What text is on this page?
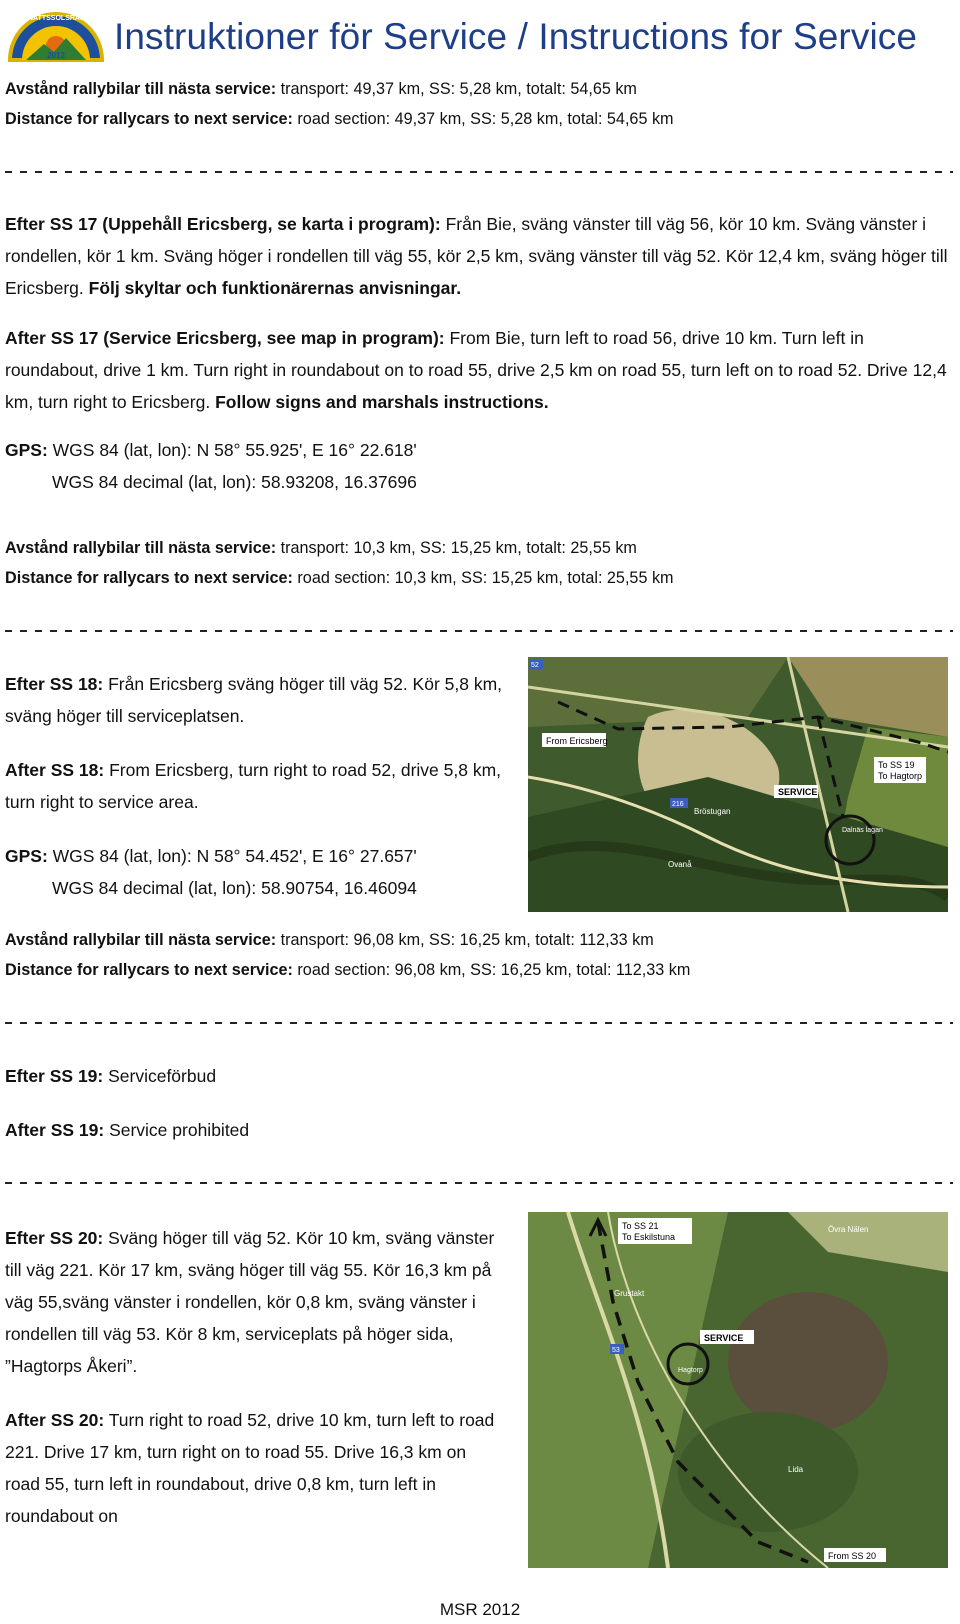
MIDNATTSSOLSRALLYT
2012 Instruktioner för Service / Instructions for Service
Avstånd rallybilar till nästa service: transport: 49,37 km, SS: 5,28 km, totalt: 54,65 km
Distance for rallycars to next service: road section: 49,37 km, SS: 5,28 km, total: 54,65 km
Efter SS 17 (Uppehåll Ericsberg, se karta i program): Från Bie, sväng vänster till väg 56, kör 10 km. Sväng vänster i rondellen, kör 1 km. Sväng höger i rondellen till väg 55, kör 2,5 km, sväng vänster till väg 52. Kör 12,4 km, sväng höger till Ericsberg. Följ skyltar och funktionärernas anvisningar.
After SS 17 (Service Ericsberg, see map in program): From Bie, turn left to road 56, drive 10 km. Turn left in roundabout, drive 1 km. Turn right in roundabout on to road 55, drive 2,5 km on road 55, turn left on to road 52. Drive 12,4 km, turn right to Ericsberg. Follow signs and marshals instructions.
GPS: WGS 84 (lat, lon): N 58° 55.925', E 16° 22.618'
WGS 84 decimal (lat, lon): 58.93208, 16.37696
Avstånd rallybilar till nästa service: transport: 10,3 km, SS: 15,25 km, totalt: 25,55 km
Distance for rallycars to next service: road section: 10,3 km, SS: 15,25 km, total: 25,55 km
Efter SS 18: Från Ericsberg sväng höger till väg 52. Kör 5,8 km, sväng höger till serviceplatsen.
After SS 18: From Ericsberg, turn right to road 52, drive 5,8 km, turn right to service area.
GPS: WGS 84 (lat, lon): N 58° 54.452', E 16° 27.657'
WGS 84 decimal (lat, lon): 58.90754, 16.46094
From Ericsberg
To SS 19
To Hagtorp
SERVICE
52
216
Bröstugan
Ovanå
Dalnäs lagan
Avstånd rallybilar till nästa service: transport: 96,08 km, SS: 16,25 km, totalt: 112,33 km
Distance for rallycars to next service: road section: 96,08 km, SS: 16,25 km, total: 112,33 km
Efter SS 19: Serviceförbud
After SS 19: Service prohibited
Efter SS 20: Sväng höger till väg 52. Kör 10 km, sväng vänster till väg 221. Kör 17 km, sväng höger till väg 55. Kör 16,3 km på väg 55,sväng vänster i rondellen, kör 0,8 km, sväng vänster i rondellen till väg 53. Kör 8 km, serviceplats på höger sida, ”Hagtorps Åkeri”.
After SS 20: Turn right to road 52, drive 10 km, turn left to road 221. Drive 17 km, turn right on to road 55. Drive 16,3 km on road 55, turn left in roundabout, drive 0,8 km, turn left in roundabout on
To SS 21
To Eskilstuna
SERVICE
From SS 20
53
Övra Nälen
Grustakt
Hagtorp
Lida
MSR 2012
